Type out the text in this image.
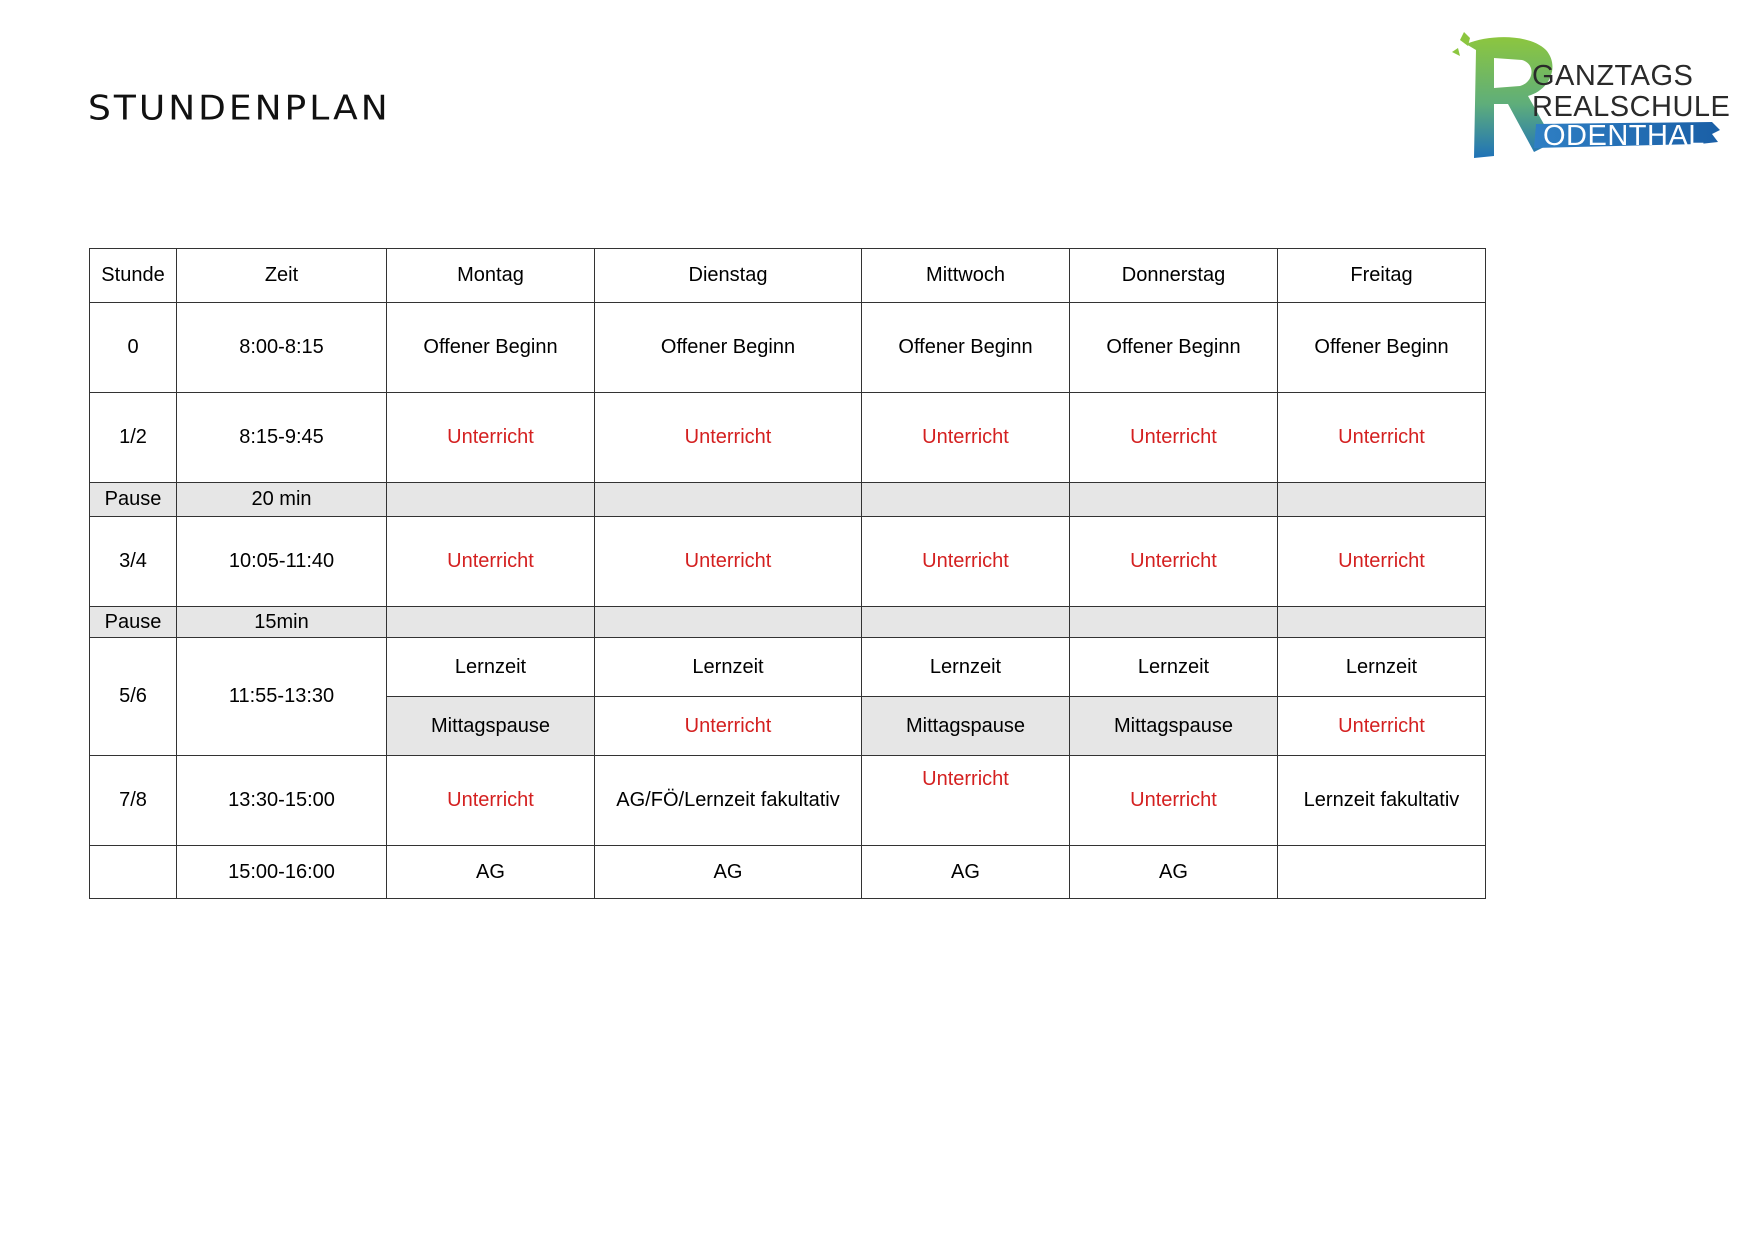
STUNDENPLAN
GANZTAGS
REALSCHULE
ODENTHAL
Stunde	Zeit	Montag	Dienstag	Mittwoch	Donnerstag	Freitag
0	8:00-8:15	Offener Beginn	Offener Beginn	Offener Beginn	Offener Beginn	Offener Beginn
1/2	8:15-9:45	Unterricht	Unterricht	Unterricht	Unterricht	Unterricht
Pause	20 min					
3/4	10:05-11:40	Unterricht	Unterricht	Unterricht	Unterricht	Unterricht
Pause	15min					
5/6	11:55-13:30	Lernzeit	Lernzeit	Lernzeit	Lernzeit	Lernzeit
		Mittagspause	Unterricht	Mittagspause	Mittagspause	Unterricht
7/8	13:30-15:00	Unterricht	AG/FÖ/Lernzeit fakultativ	Unterricht	Unterricht	Lernzeit fakultativ
	15:00-16:00	AG	AG	AG	AG	
